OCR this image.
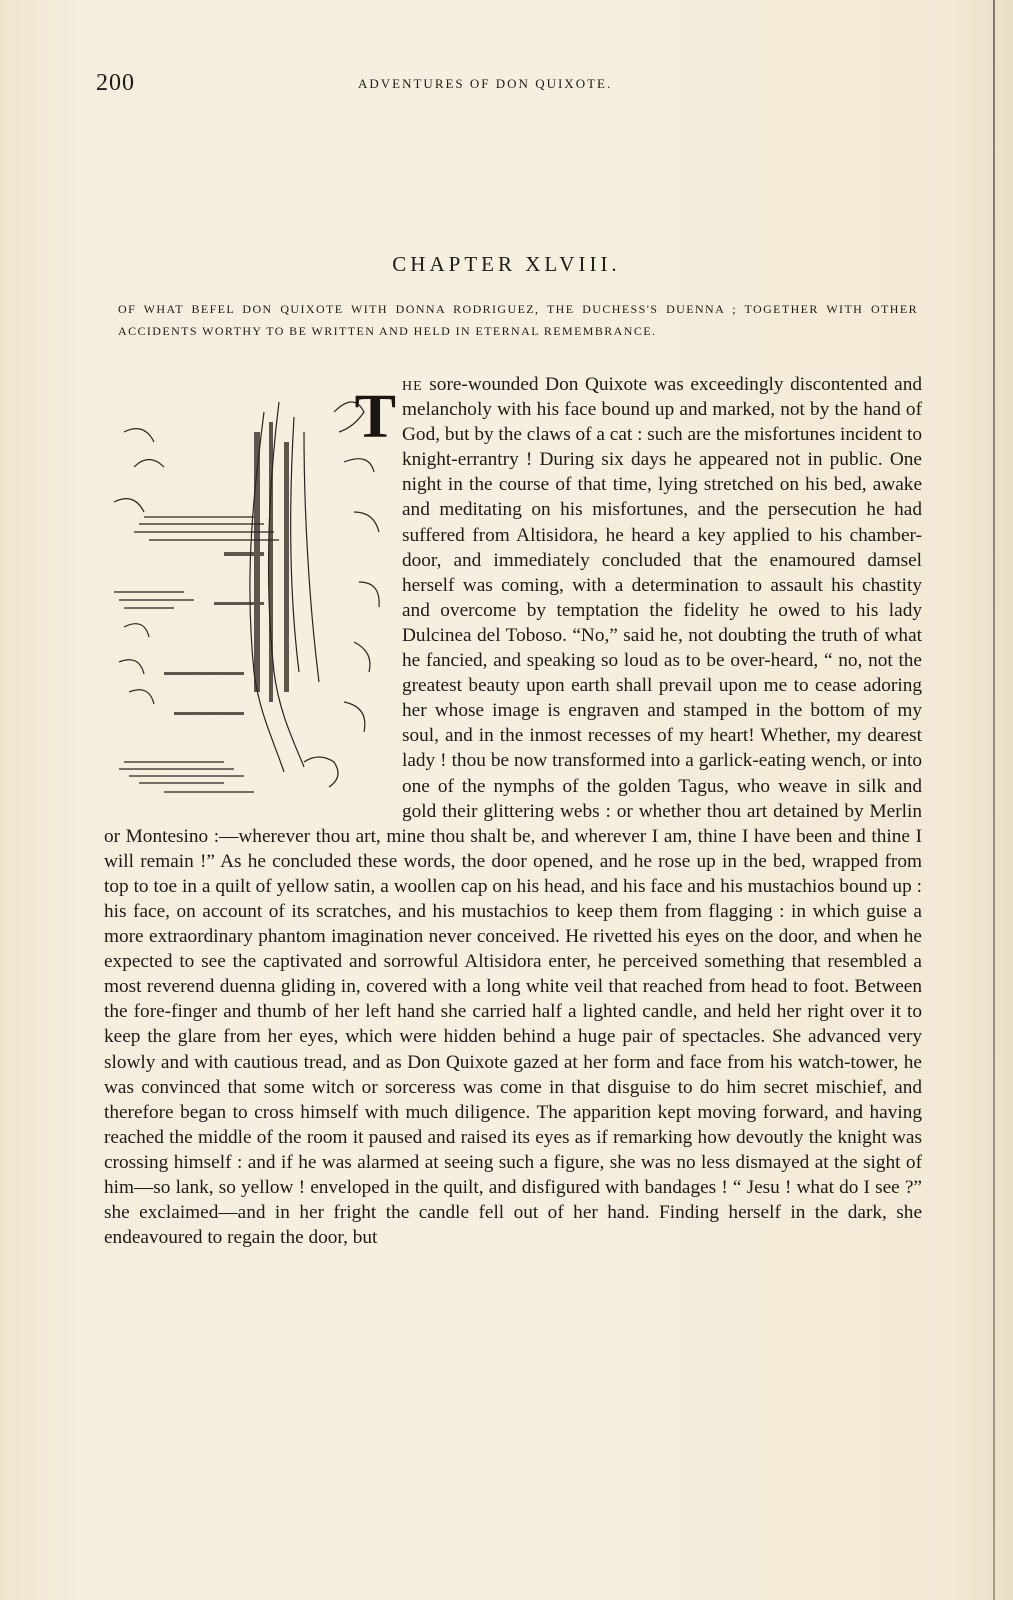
200	ADVENTURES OF DON QUIXOTE.
CHAPTER XLVIII.
OF WHAT BEFEL DON QUIXOTE WITH DONNA RODRIGUEZ, THE DUCHESS'S DUENNA ; TOGETHER WITH OTHER ACCIDENTS WORTHY TO BE WRITTEN AND HELD IN ETERNAL REMEMBRANCE.
T he sore-wounded Don Quixote was exceedingly discontented and melancholy with his face bound up and marked, not by the hand of God, but by the claws of a cat : such are the misfortunes incident to knight-errantry ! During six days he appeared not in public. One night in the course of that time, lying stretched on his bed, awake and meditating on his misfortunes, and the persecution he had suffered from Altisidora, he heard a key applied to his chamber-door, and immediately concluded that the enamoured damsel herself was coming, with a determination to assault his chastity and overcome by temptation the fidelity he owed to his lady Dulcinea del Toboso. “No,” said he, not doubting the truth of what he fancied, and speaking so loud as to be over-heard, “ no, not the greatest beauty upon earth shall prevail upon me to cease adoring her whose image is engraven and stamped in the bottom of my soul, and in the inmost recesses of my heart! Whether, my dearest lady ! thou be now transformed into a garlick-eating wench, or into one of the nymphs of the golden Tagus, who weave in silk and gold their glittering webs : or whether thou art detained by Merlin or Montesino :—wherever thou art, mine thou shalt be, and wherever I am, thine I have been and thine I will remain !” As he concluded these words, the door opened, and he rose up in the bed, wrapped from top to toe in a quilt of yellow satin, a woollen cap on his head, and his face and his mustachios bound up : his face, on account of its scratches, and his mustachios to keep them from flagging : in which guise a more extraordinary phantom imagination never conceived. He rivetted his eyes on the door, and when he expected to see the captivated and sorrowful Altisidora enter, he perceived something that resembled a most reverend duenna gliding in, covered with a long white veil that reached from head to foot. Between the fore-finger and thumb of her left hand she carried half a lighted candle, and held her right over it to keep the glare from her eyes, which were hidden behind a huge pair of spectacles. She advanced very slowly and with cautious tread, and as Don Quixote gazed at her form and face from his watch-tower, he was convinced that some witch or sorceress was come in that disguise to do him secret mischief, and therefore began to cross himself with much diligence. The apparition kept moving forward, and having reached the middle of the room it paused and raised its eyes as if remarking how devoutly the knight was crossing himself : and if he was alarmed at seeing such a figure, she was no less dismayed at the sight of him—so lank, so yellow ! enveloped in the quilt, and disfigured with bandages ! “ Jesu ! what do I see ?” she exclaimed—and in her fright the candle fell out of her hand. Finding herself in the dark, she endeavoured to regain the door, but
